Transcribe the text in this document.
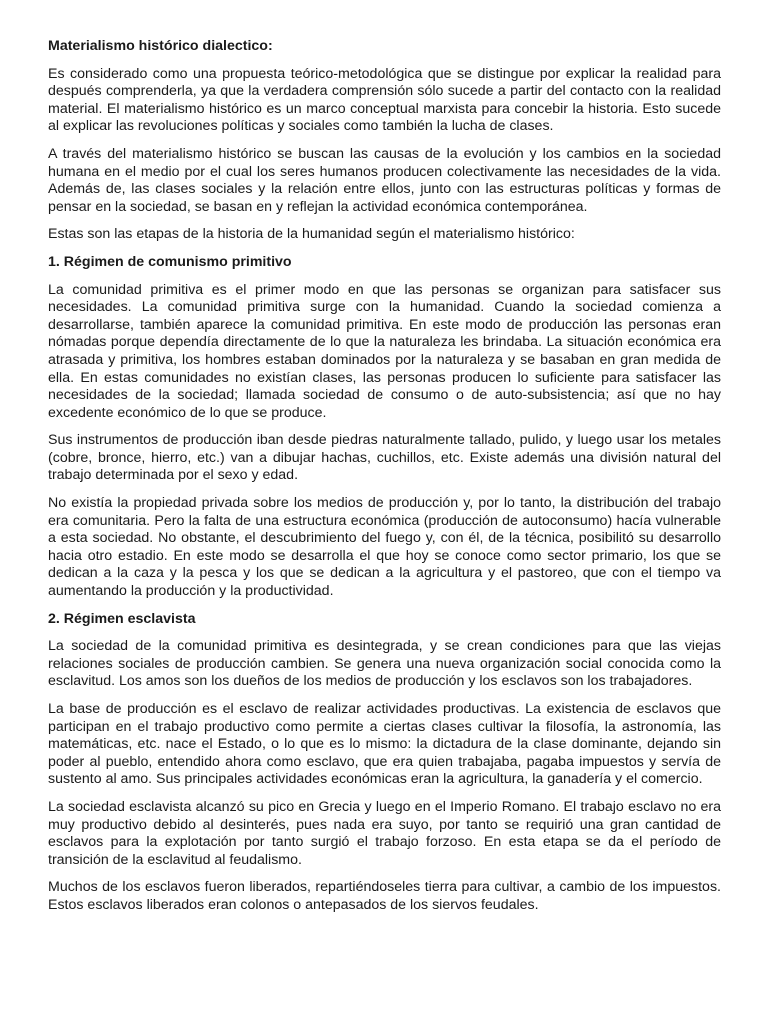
Materialismo histórico dialectico:

Es considerado como una propuesta teórico-metodológica que se distingue por explicar la realidad para después comprenderla, ya que la verdadera comprensión sólo sucede a partir del contacto con la realidad material. El materialismo histórico es un marco conceptual marxista para concebir la historia. Esto sucede al explicar las revoluciones políticas y sociales como también la lucha de clases.

A través del materialismo histórico se buscan las causas de la evolución y los cambios en la sociedad humana en el medio por el cual los seres humanos producen colectivamente las necesidades de la vida. Además de, las clases sociales y la relación entre ellos, junto con las estructuras políticas y formas de pensar en la sociedad, se basan en y reflejan la actividad económica contemporánea.

Estas son las etapas de la historia de la humanidad según el materialismo histórico:

1. Régimen de comunismo primitivo

La comunidad primitiva es el primer modo en que las personas se organizan para satisfacer sus necesidades. La comunidad primitiva surge con la humanidad. Cuando la sociedad comienza a desarrollarse, también aparece la comunidad primitiva. En este modo de producción las personas eran nómadas porque dependía directamente de lo que la naturaleza les brindaba. La situación económica era atrasada y primitiva, los hombres estaban dominados por la naturaleza y se basaban en gran medida de ella. En estas comunidades no existían clases, las personas producen lo suficiente para satisfacer las necesidades de la sociedad; llamada sociedad de consumo o de auto-subsistencia; así que no hay excedente económico de lo que se produce.

Sus instrumentos de producción iban desde piedras naturalmente tallado, pulido, y luego usar los metales (cobre, bronce, hierro, etc.) van a dibujar hachas, cuchillos, etc. Existe además una división natural del trabajo determinada por el sexo y edad.

No existía la propiedad privada sobre los medios de producción y, por lo tanto, la distribución del trabajo era comunitaria. Pero la falta de una estructura económica (producción de autoconsumo) hacía vulnerable a esta sociedad. No obstante, el descubrimiento del fuego y, con él, de la técnica, posibilitó su desarrollo hacia otro estadio. En este modo se desarrolla el que hoy se conoce como sector primario, los que se dedican a la caza y la pesca y los que se dedican a la agricultura y el pastoreo, que con el tiempo va aumentando la producción y la productividad.

2. Régimen esclavista

La sociedad de la comunidad primitiva es desintegrada, y se crean condiciones para que las viejas relaciones sociales de producción cambien. Se genera una nueva organización social conocida como la esclavitud. Los amos son los dueños de los medios de producción y los esclavos son los trabajadores.

La base de producción es el esclavo de realizar actividades productivas. La existencia de esclavos que participan en el trabajo productivo como permite a ciertas clases cultivar la filosofía, la astronomía, las matemáticas, etc. nace el Estado, o lo que es lo mismo: la dictadura de la clase dominante, dejando sin poder al pueblo, entendido ahora como esclavo, que era quien trabajaba, pagaba impuestos y servía de sustento al amo. Sus principales actividades económicas eran la agricultura, la ganadería y el comercio.

La sociedad esclavista alcanzó su pico en Grecia y luego en el Imperio Romano. El trabajo esclavo no era muy productivo debido al desinterés, pues nada era suyo, por tanto se requirió una gran cantidad de esclavos para la explotación por tanto surgió el trabajo forzoso. En esta etapa se da el período de transición de la esclavitud al feudalismo.

Muchos de los esclavos fueron liberados, repartiéndoseles tierra para cultivar, a cambio de los impuestos. Estos esclavos liberados eran colonos o antepasados de los siervos feudales.
